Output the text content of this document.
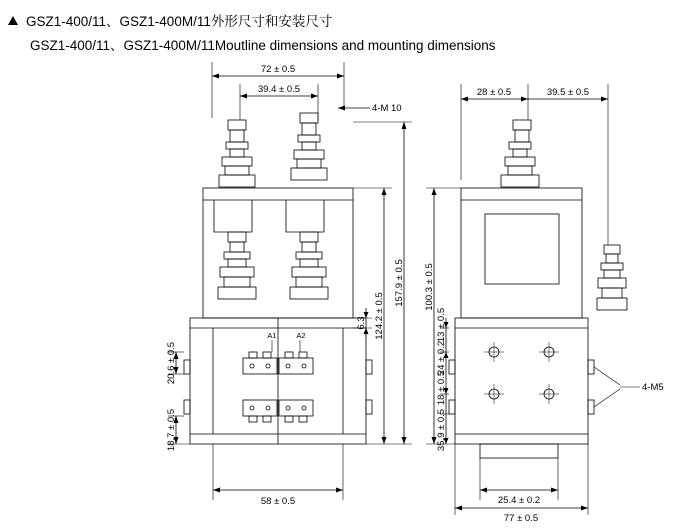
GSZ1-400/11、GSZ1-400M/11外形尺寸和安装尺寸
GSZ1-400/11、GSZ1-400M/11Moutline dimensions and mounting dimensions
72 ± 0.5
39.4 ± 0.5
4-M 10
157.9 ± 0.5
124.2 ± 0.5
6.3
20.6 ± 0.5
18.7 ± 0.5
58 ± 0.5
A1	A2
28 ± 0.5	39.5 ± 0.5
100.3 ± 0.5
13 ± 0.5
24 ± 0.2
18 ± 0.5
35.9 ± 0.5
4-M5
25.4 ± 0.2
77 ± 0.5
